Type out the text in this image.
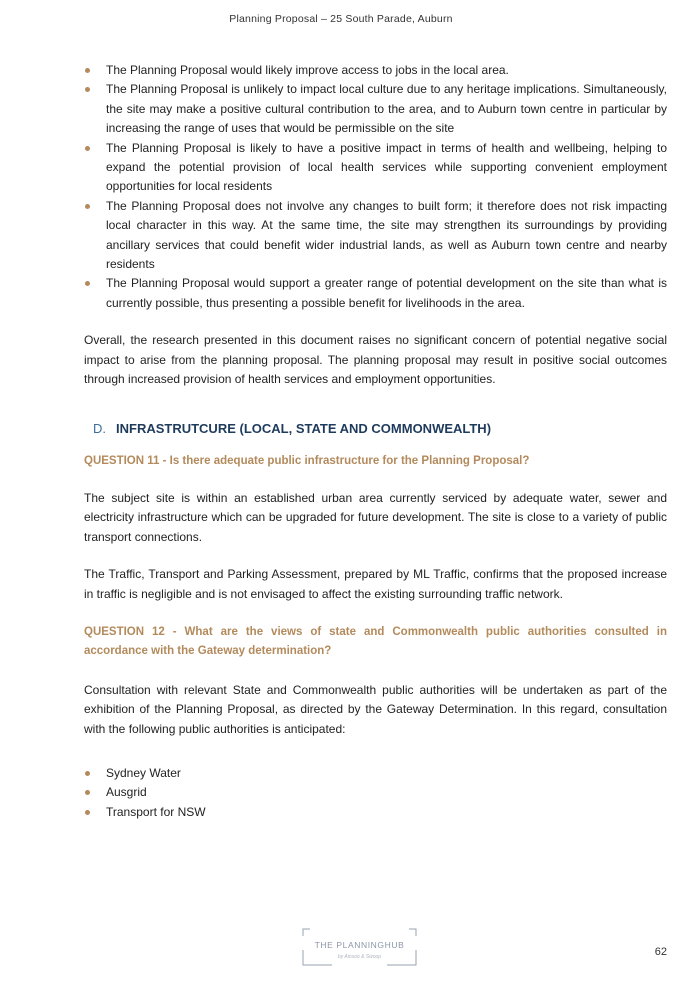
Planning Proposal – 25 South Parade, Auburn
The Planning Proposal would likely improve access to jobs in the local area.
The Planning Proposal is unlikely to impact local culture due to any heritage implications. Simultaneously, the site may make a positive cultural contribution to the area, and to Auburn town centre in particular by increasing the range of uses that would be permissible on the site
The Planning Proposal is likely to have a positive impact in terms of health and wellbeing, helping to expand the potential provision of local health services while supporting convenient employment opportunities for local residents
The Planning Proposal does not involve any changes to built form; it therefore does not risk impacting local character in this way. At the same time, the site may strengthen its surroundings by providing ancillary services that could benefit wider industrial lands, as well as Auburn town centre and nearby residents
The Planning Proposal would support a greater range of potential development on the site than what is currently possible, thus presenting a possible benefit for livelihoods in the area.

Overall, the research presented in this document raises no significant concern of potential negative social impact to arise from the planning proposal. The planning proposal may result in positive social outcomes through increased provision of health services and employment opportunities.

D. INFRASTRUTCURE (LOCAL, STATE AND COMMONWEALTH)
QUESTION 11 - Is there adequate public infrastructure for the Planning Proposal?

The subject site is within an established urban area currently serviced by adequate water, sewer and electricity infrastructure which can be upgraded for future development. The site is close to a variety of public transport connections.

The Traffic, Transport and Parking Assessment, prepared by ML Traffic, confirms that the proposed increase in traffic is negligible and is not envisaged to affect the existing surrounding traffic network.

QUESTION 12 - What are the views of state and Commonwealth public authorities consulted in accordance with the Gateway determination?

Consultation with relevant State and Commonwealth public authorities will be undertaken as part of the exhibition of the Planning Proposal, as directed by the Gateway Determination. In this regard, consultation with the following public authorities is anticipated:

Sydney Water
Ausgrid
Transport for NSW
THE PLANNINGHUB
by Ainsoo & Swoop	62
